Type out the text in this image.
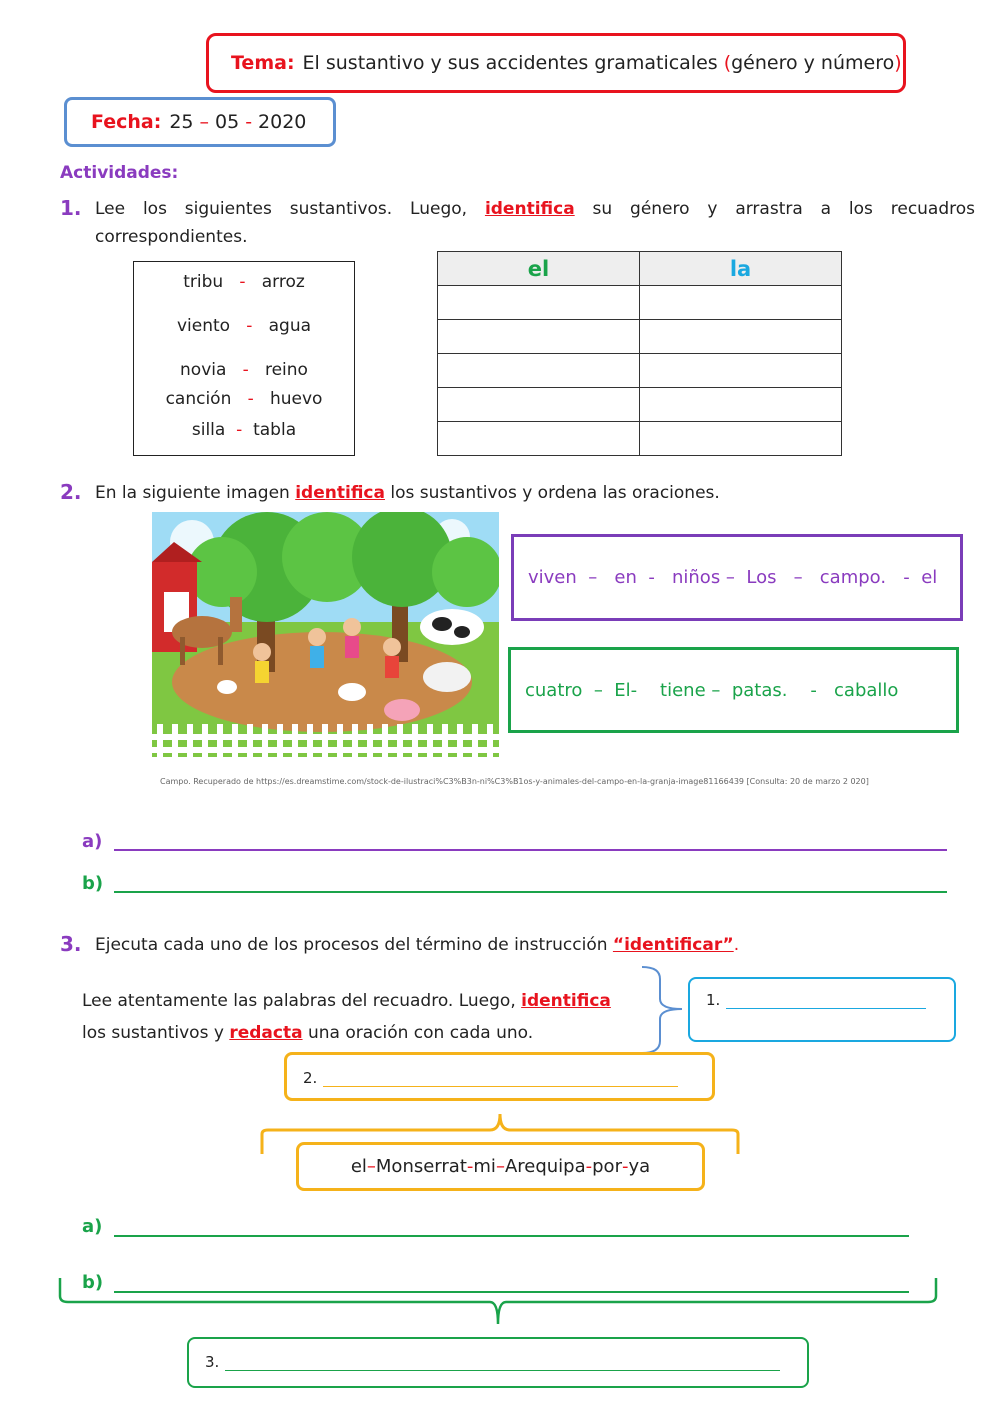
Tema: El sustantivo y sus accidentes gramaticales ( género y número )
Fecha: 25 – 05 - 2020
Actividades:
1. Lee los siguientes sustantivos. Luego, identifica su género y arrastra a los recuadros correspondientes.
tribu - arroz
viento - agua
novia - reino
canción - huevo
silla - tabla
el	la

2. En la siguiente imagen identifica los sustantivos y ordena las oraciones.
viven  –   en  -   niños –  Los   –   campo.   -  el
cuatro  –  El-    tiene –  patas.    -   caballo
Campo. Recuperado de https://es.dreamstime.com/stock-de-ilustraci%C3%B3n-ni%C3%B1os-y-animales-del-campo-en-la-granja-image81166439 [Consulta: 20 de marzo 2 020]
a)
b)
3. Ejecuta cada uno de los procesos del término de instrucción “identificar”.
Lee atentamente las palabras del recuadro. Luego, identifica
los sustantivos y redacta una oración con cada uno.
1.
2.
el – Monserrat - mi – Arequipa - por - ya
a)
b)
3.
